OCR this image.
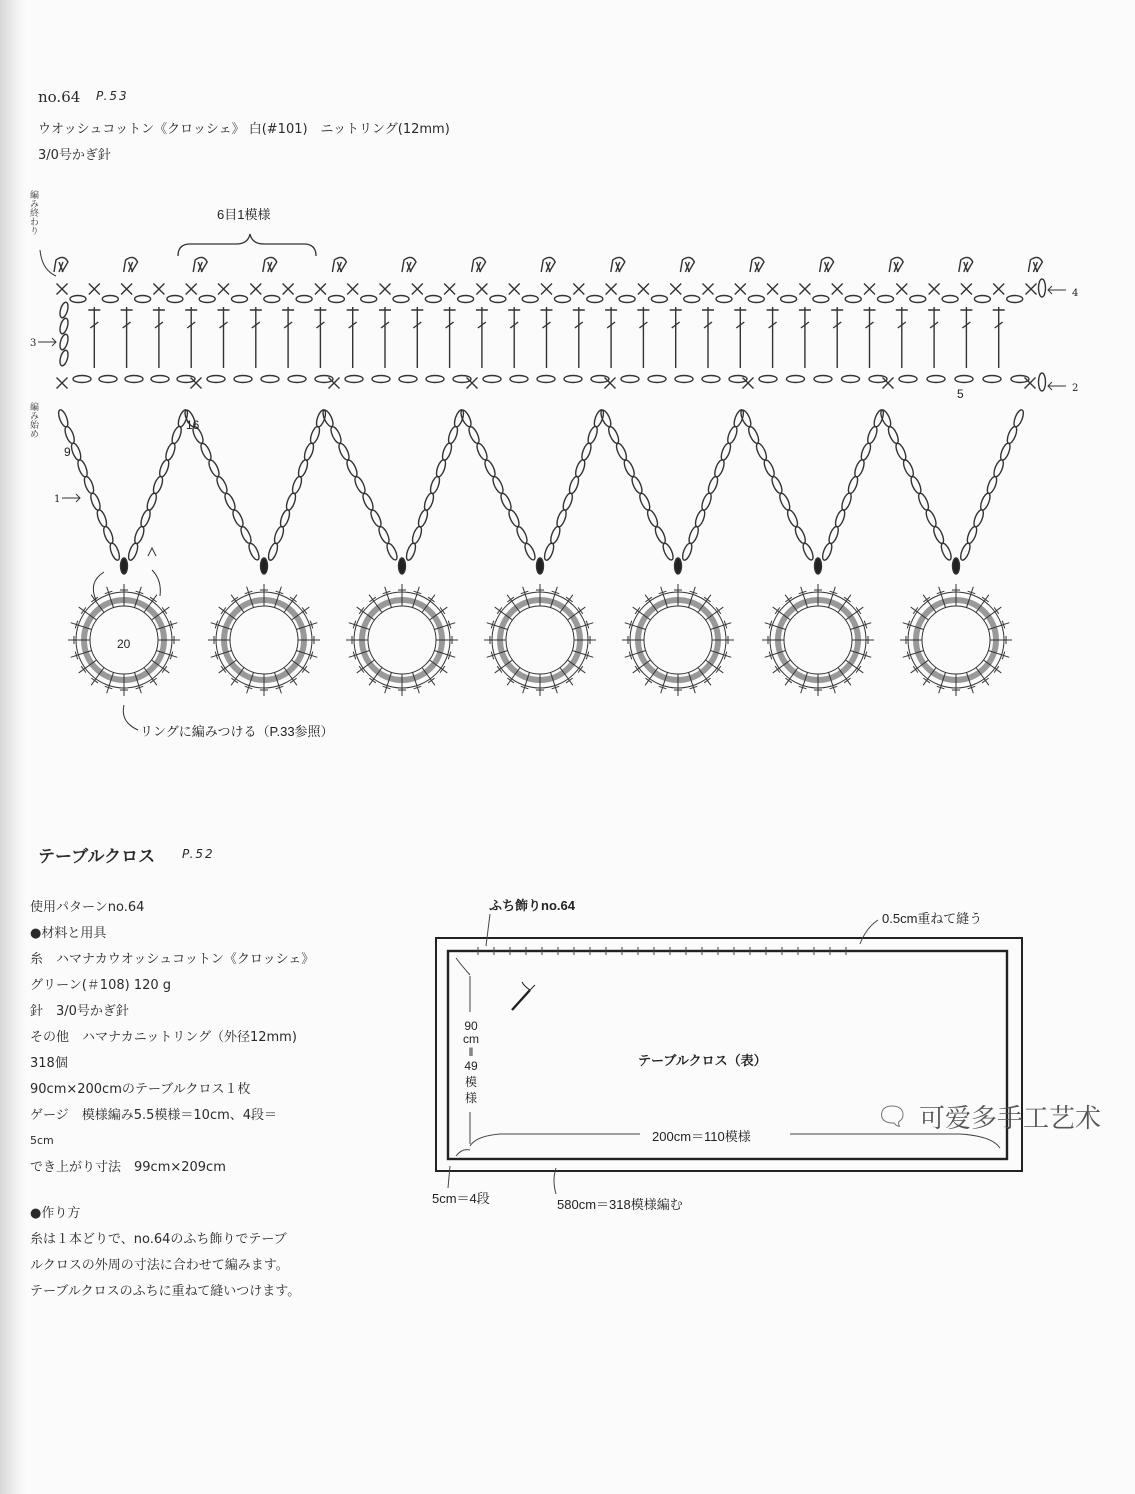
no.64 P.53
ウオッシュコットン《クロッシェ》 白(#101)　ニットリング(12mm)
3/0号かぎ針
6目1模様
4
3
2
1
編み終わり
編み始め
9
16
5
20
リングに編みつける（P.33参照）
テーブルクロス P.52
使用パターンno.64
●材料と用具
糸　ハマナカウオッシュコットン《クロッシェ》
グリーン(＃108) 120 g
針　3/0号かぎ針
その他　ハマナカニットリング（外径12mm)
318個
90cm×200cmのテーブルクロス１枚
ゲージ　模様編み5.5模様＝10cm、4段＝
5cm
でき上がり寸法　99cm×209cm
●作り方
糸は１本どりで、no.64のふち飾りでテーブ
ルクロスの外周の寸法に合わせて編みます。
テーブルクロスのふちに重ねて縫いつけます。
ふち飾りno.64
0.5cm重ねて縫う
テーブルクロス（表）
200cm＝110模様
5cm＝4段	580cm＝318模様編む
90
cm
‖
49
模
様
🗨 可爱多手工艺术
